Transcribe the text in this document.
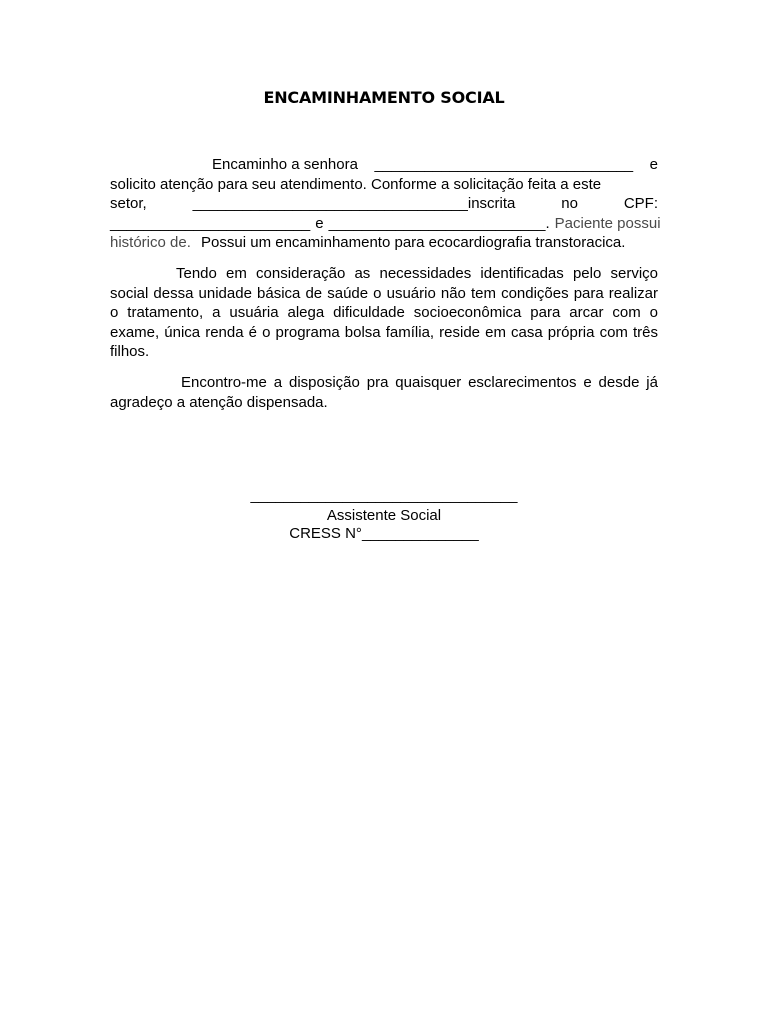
ENCAMINHAMENTO SOCIAL
Encaminho a senhora _______________________________ e
solicito atenção para seu atendimento. Conforme a solicitação feita a este
setor,	_________________________________inscrita	no	CPF:
________________________ e __________________________. Paciente possui
histórico de. Possui um encaminhamento para ecocardiografia transtoracica.
Tendo em consideração as necessidades identificadas pelo serviço social dessa unidade básica de saúde o usuário não tem condições para realizar o tratamento, a usuária alega dificuldade socioeconômica para arcar com o exame, única renda é o programa bolsa família, reside em casa própria com três filhos.
Encontro-me a disposição pra quaisquer esclarecimentos e desde já agradeço a atenção dispensada.
________________________________
Assistente Social
CRESS N°______________
